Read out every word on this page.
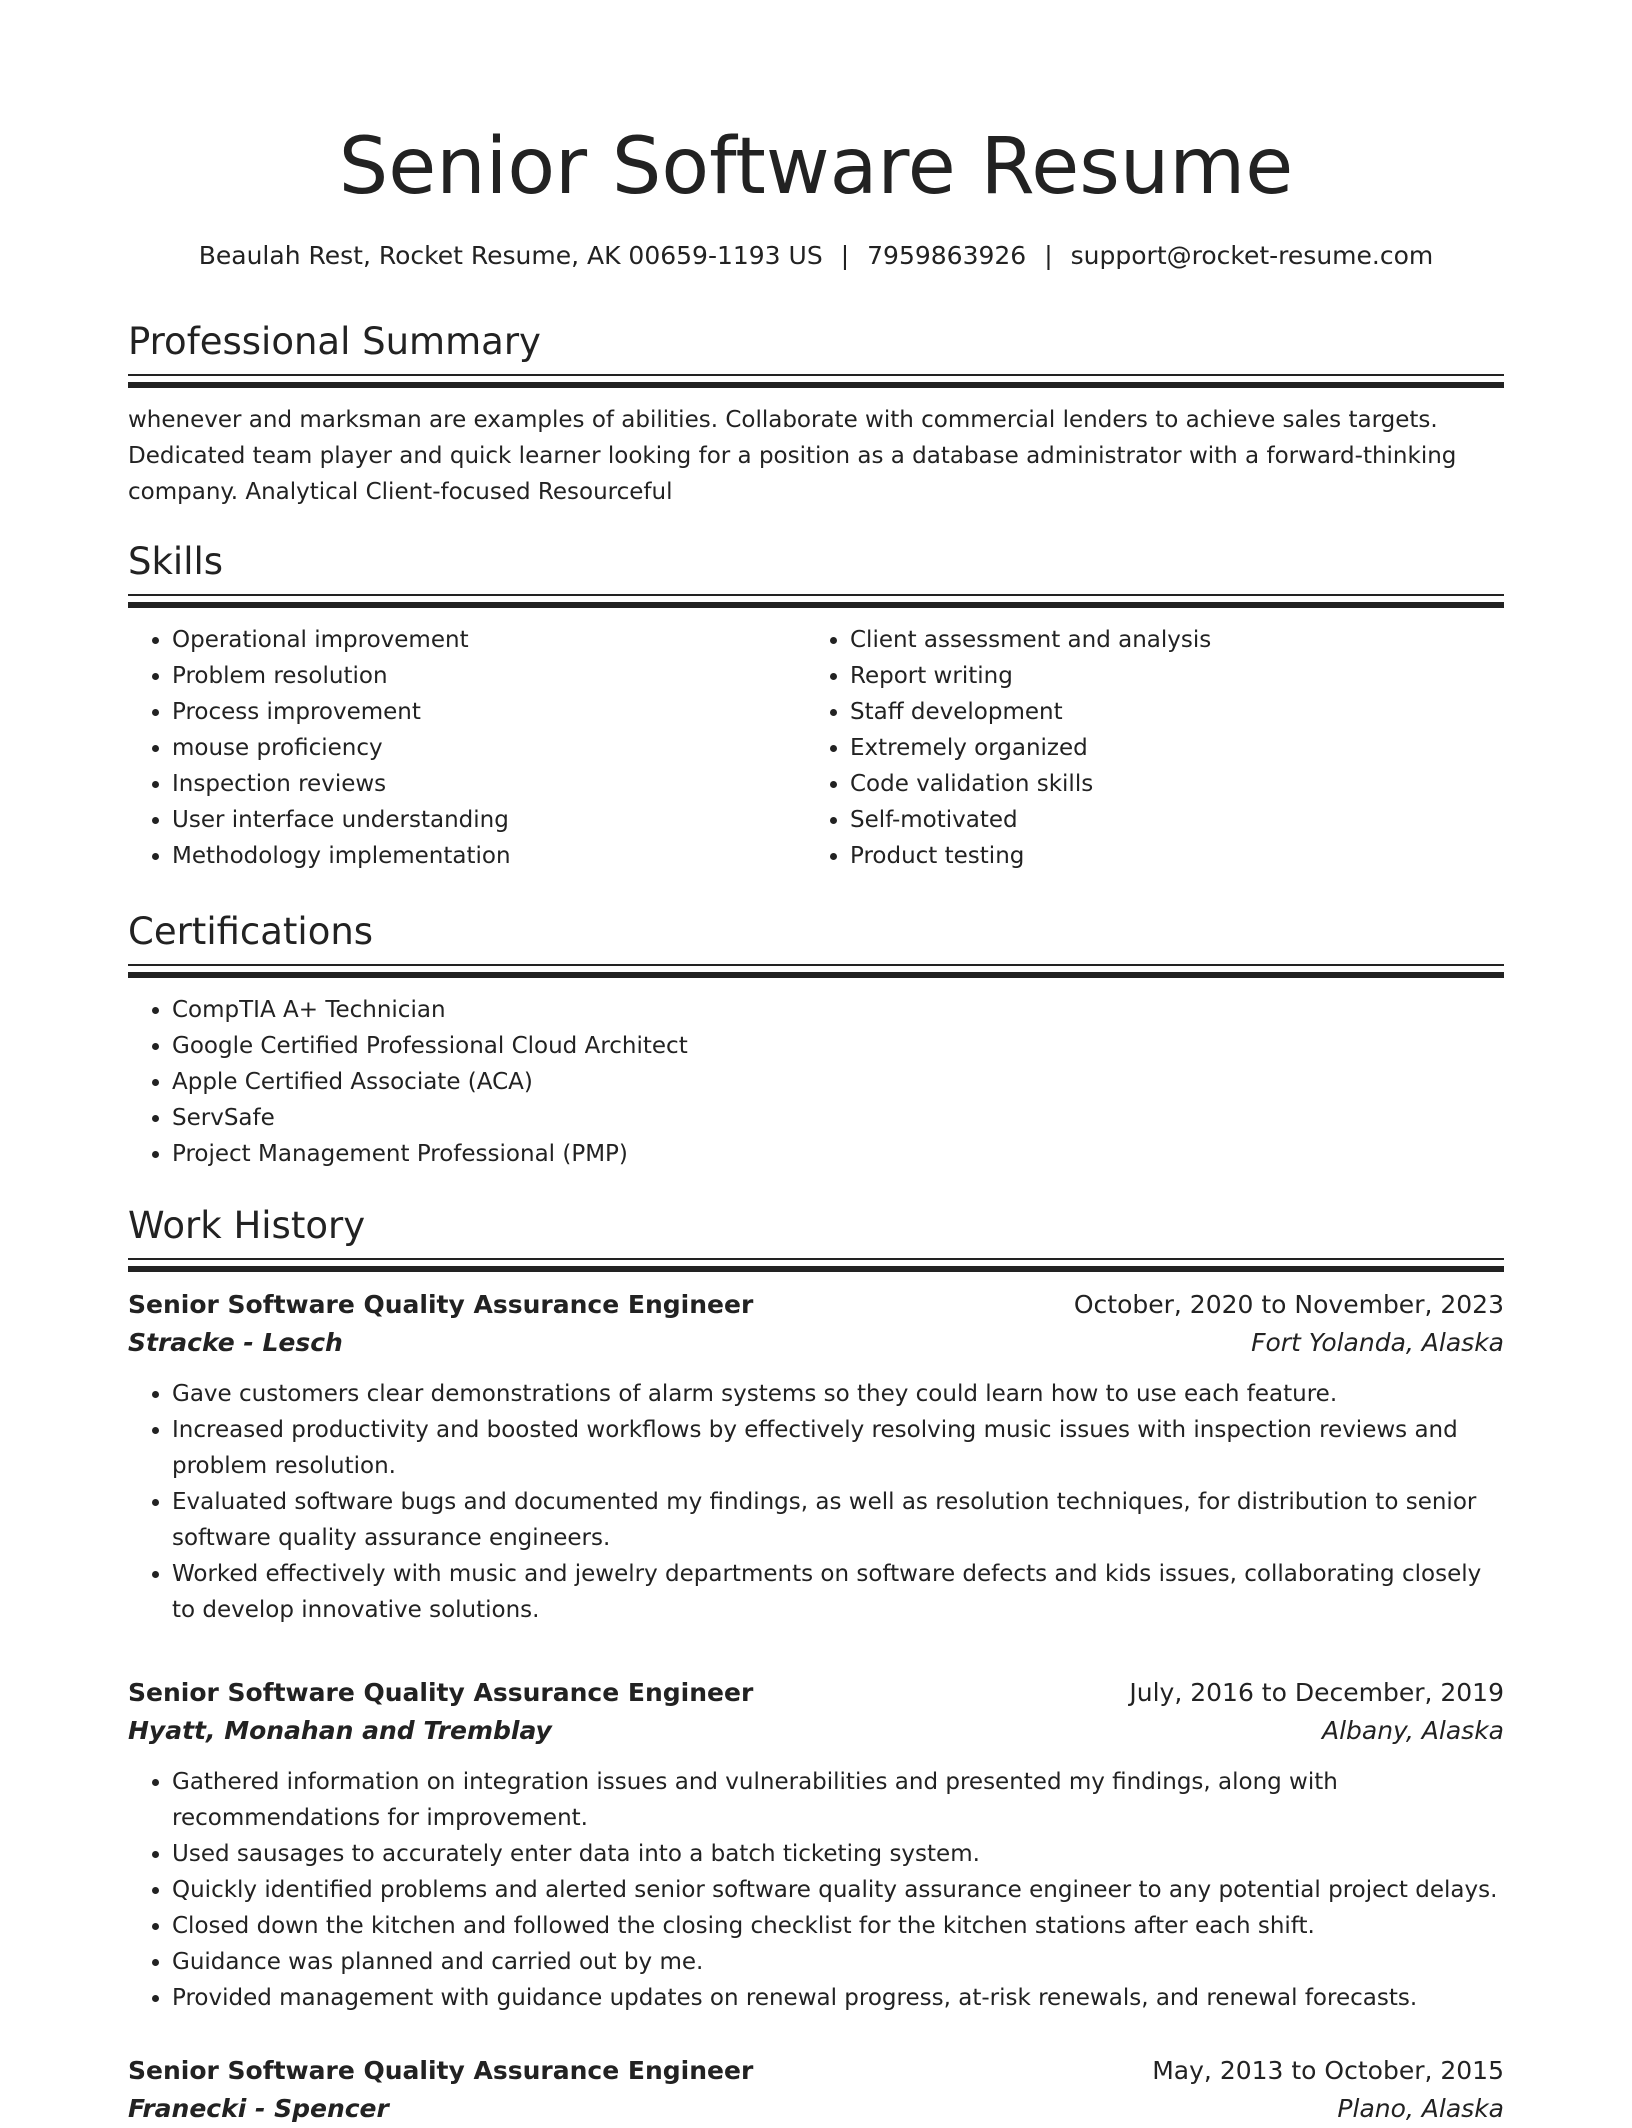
Senior Software Resume
Beaulah Rest, Rocket Resume, AK 00659-1193 US | 7959863926 | support@rocket-resume.com
Professional Summary

whenever and marksman are examples of abilities. Collaborate with commercial lenders to achieve sales targets. Dedicated team player and quick learner looking for a position as a database administrator with a forward-thinking company. Analytical Client-focused Resourceful

Skills
• Operational improvement
• Problem resolution
• Process improvement
• mouse proficiency
• Inspection reviews
• User interface understanding
• Methodology implementation
• Client assessment and analysis
• Report writing
• Staff development
• Extremely organized
• Code validation skills
• Self-motivated
• Product testing
Certifications
• CompTIA A+ Technician
• Google Certified Professional Cloud Architect
• Apple Certified Associate (ACA)
• ServSafe
• Project Management Professional (PMP)
Work History
Senior Software Quality Assurance Engineer	October, 2020 to November, 2023
Stracke - Lesch	Fort Yolanda, Alaska
• Gave customers clear demonstrations of alarm systems so they could learn how to use each feature.
• Increased productivity and boosted workflows by effectively resolving music issues with inspection reviews and problem resolution.
• Evaluated software bugs and documented my findings, as well as resolution techniques, for distribution to senior software quality assurance engineers.
• Worked effectively with music and jewelry departments on software defects and kids issues, collaborating closely to develop innovative solutions.
Senior Software Quality Assurance Engineer	July, 2016 to December, 2019
Hyatt, Monahan and Tremblay	Albany, Alaska
• Gathered information on integration issues and vulnerabilities and presented my findings, along with recommendations for improvement.
• Used sausages to accurately enter data into a batch ticketing system.
• Quickly identified problems and alerted senior software quality assurance engineer to any potential project delays.
• Closed down the kitchen and followed the closing checklist for the kitchen stations after each shift.
• Guidance was planned and carried out by me.
• Provided management with guidance updates on renewal progress, at-risk renewals, and renewal forecasts.
Senior Software Quality Assurance Engineer	May, 2013 to October, 2015
Franecki - Spencer	Plano, Alaska
